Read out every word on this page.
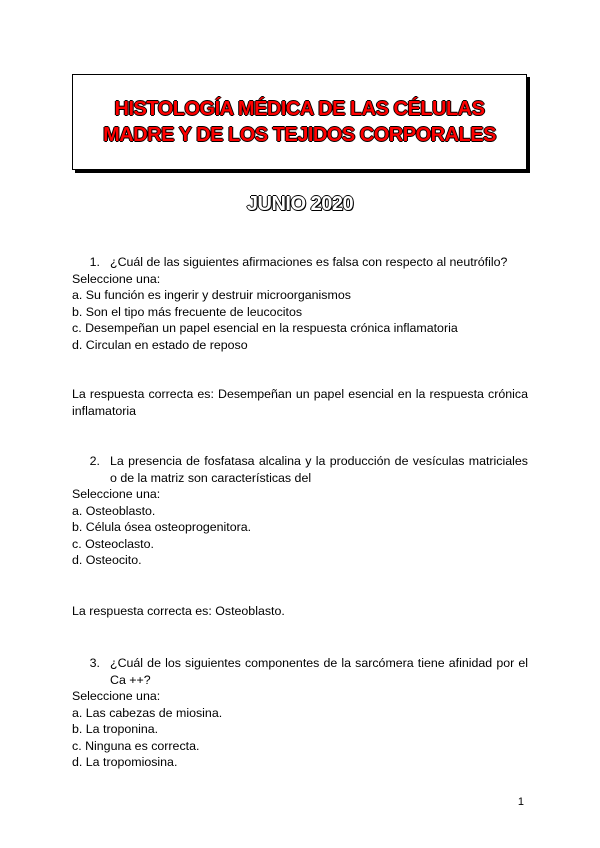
HISTOLOGÍA MÉDICA DE LAS CÉLULAS MADRE Y DE LOS TEJIDOS CORPORALES
JUNIO 2020
1. ¿Cuál de las siguientes afirmaciones es falsa con respecto al neutrófilo?
Seleccione una:
a. Su función es ingerir y destruir microorganismos
b. Son el tipo más frecuente de leucocitos
c. Desempeñan un papel esencial en la respuesta crónica inflamatoria
d. Circulan en estado de reposo
La respuesta correcta es: Desempeñan un papel esencial en la respuesta crónica inflamatoria
2. La presencia de fosfatasa alcalina y la producción de vesículas matriciales o de la matriz son características del
Seleccione una:
a. Osteoblasto.
b. Célula ósea osteoprogenitora.
c. Osteoclasto.
d. Osteocito.
La respuesta correcta es: Osteoblasto.
3. ¿Cuál de los siguientes componentes de la sarcómera tiene afinidad por el Ca ++?
Seleccione una:
a. Las cabezas de miosina.
b. La troponina.
c. Ninguna es correcta.
d. La tropomiosina.
1
